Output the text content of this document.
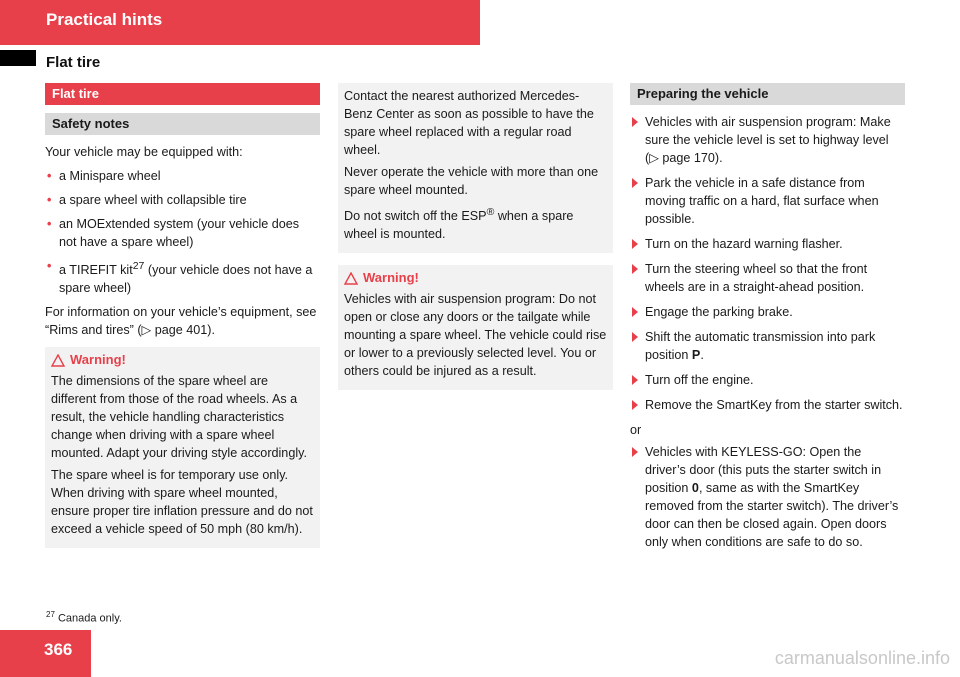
Practical hints
Flat tire
Flat tire
Safety notes

Your vehicle may be equipped with:

• a Minispare wheel
• a spare wheel with collapsible tire
• an MOExtended system (your vehicle does not have a spare wheel)
• a TIREFIT kit$^{27}$ (your vehicle does not have a spare wheel)

For information on your vehicle’s equipment, see “Rims and tires” (▷ page 401).

Warning!

The dimensions of the spare wheel are different from those of the road wheels. As a result, the vehicle handling characteristics change when driving with a spare wheel mounted. Adapt your driving style accordingly.

The spare wheel is for temporary use only. When driving with spare wheel mounted, ensure proper tire inflation pressure and do not exceed a vehicle speed of 50 mph (80 km/h).

Contact the nearest authorized Mercedes-Benz Center as soon as possible to have the spare wheel replaced with a regular road wheel.

Never operate the vehicle with more than one spare wheel mounted.

Do not switch off the ESP® when a spare wheel is mounted.

Warning!

Vehicles with air suspension program: Do not open or close any doors or the tailgate while mounting a spare wheel. The vehicle could rise or lower to a previously selected level. You or others could be injured as a result.

Preparing the vehicle
Vehicles with air suspension program: Make sure the vehicle level is set to highway level (▷ page 170).
Park the vehicle in a safe distance from moving traffic on a hard, flat surface when possible.
Turn on the hazard warning flasher.
Turn the steering wheel so that the front wheels are in a straight-ahead position.
Engage the parking brake.
Shift the automatic transmission into park position P.
Turn off the engine.
Remove the SmartKey from the starter switch.
or
Vehicles with KEYLESS-GO: Open the driver’s door (this puts the starter switch in position 0, same as with the SmartKey removed from the starter switch). The driver’s door can then be closed again. Open doors only when conditions are safe to do so.
$^{27}$ Canada only.
366	carmanualsonline.info
